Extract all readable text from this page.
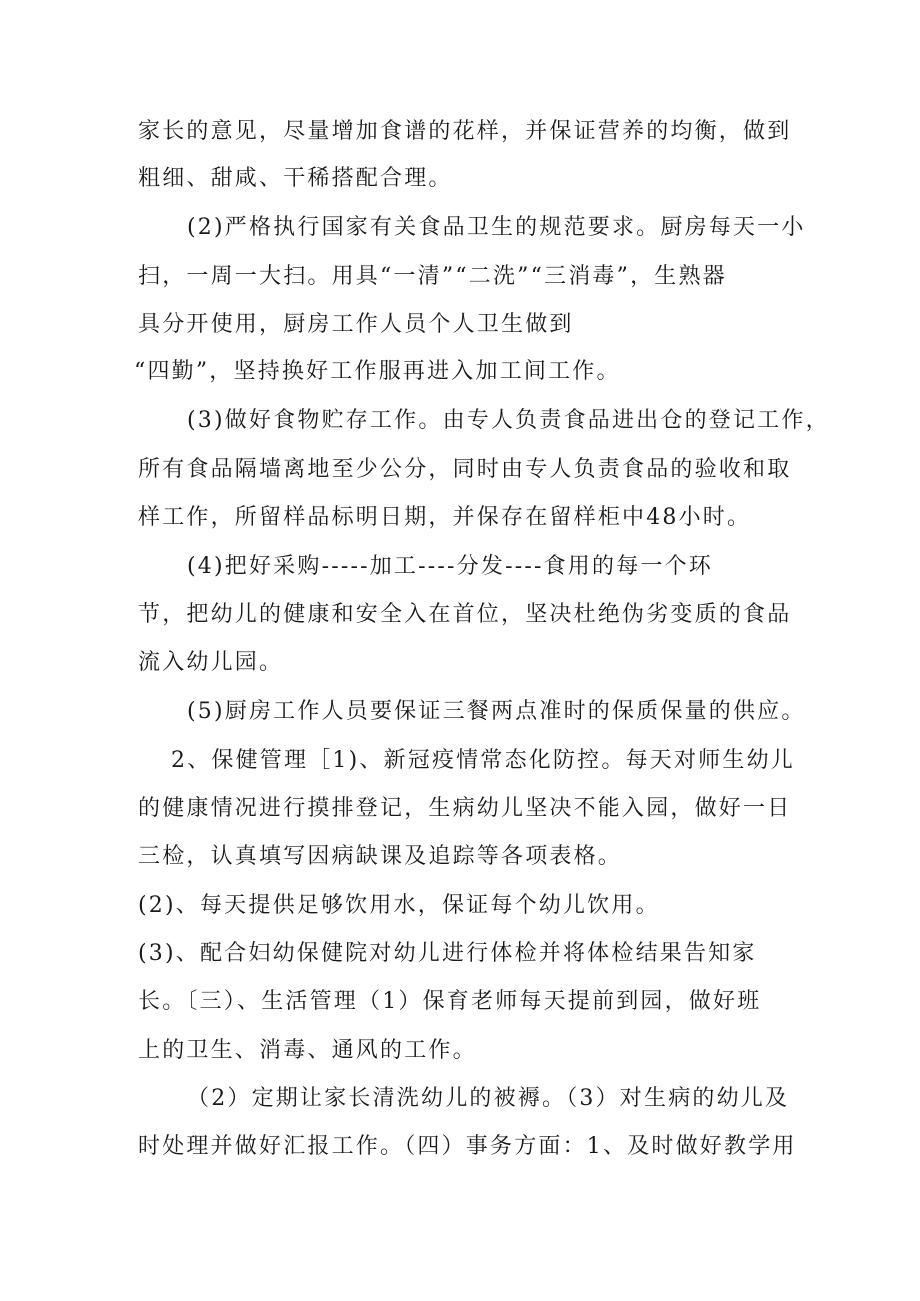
家长的意见，尽量增加食谱的花样，并保证营养的均衡，做到
粗细、甜咸、干稀搭配合理。
(2)严格执行国家有关食品卫生的规范要求。厨房每天一小
扫，一周一大扫。用具“一清”“二洗”“三消毒”，生熟器
具分开使用，厨房工作人员个人卫生做到
“四勤”，坚持换好工作服再进入加工间工作。
(3)做好食物贮存工作。由专人负责食品进出仓的登记工作，
所有食品隔墙离地至少公分，同时由专人负责食品的验收和取
样工作，所留样品标明日期，并保存在留样柜中48小时。
(4)把好采购-----加工----分发----食用的每一个环
节，把幼儿的健康和安全入在首位，坚决杜绝伪劣变质的食品
流入幼儿园。
(5)厨房工作人员要保证三餐两点准时的保质保量的供应。
2、保健管理［1)、新冠疫情常态化防控。每天对师生幼儿
的健康情况进行摸排登记，生病幼儿坚决不能入园，做好一日
三检，认真填写因病缺课及追踪等各项表格。
(2)、每天提供足够饮用水，保证每个幼儿饮用。
(3)、配合妇幼保健院对幼儿进行体检并将体检结果告知家
长。〔三）、生活管理（1）保育老师每天提前到园，做好班
上的卫生、消毒、通风的工作。
（2）定期让家长清洗幼儿的被褥。（3）对生病的幼儿及
时处理并做好汇报工作。（四）事务方面：1、及时做好教学用
